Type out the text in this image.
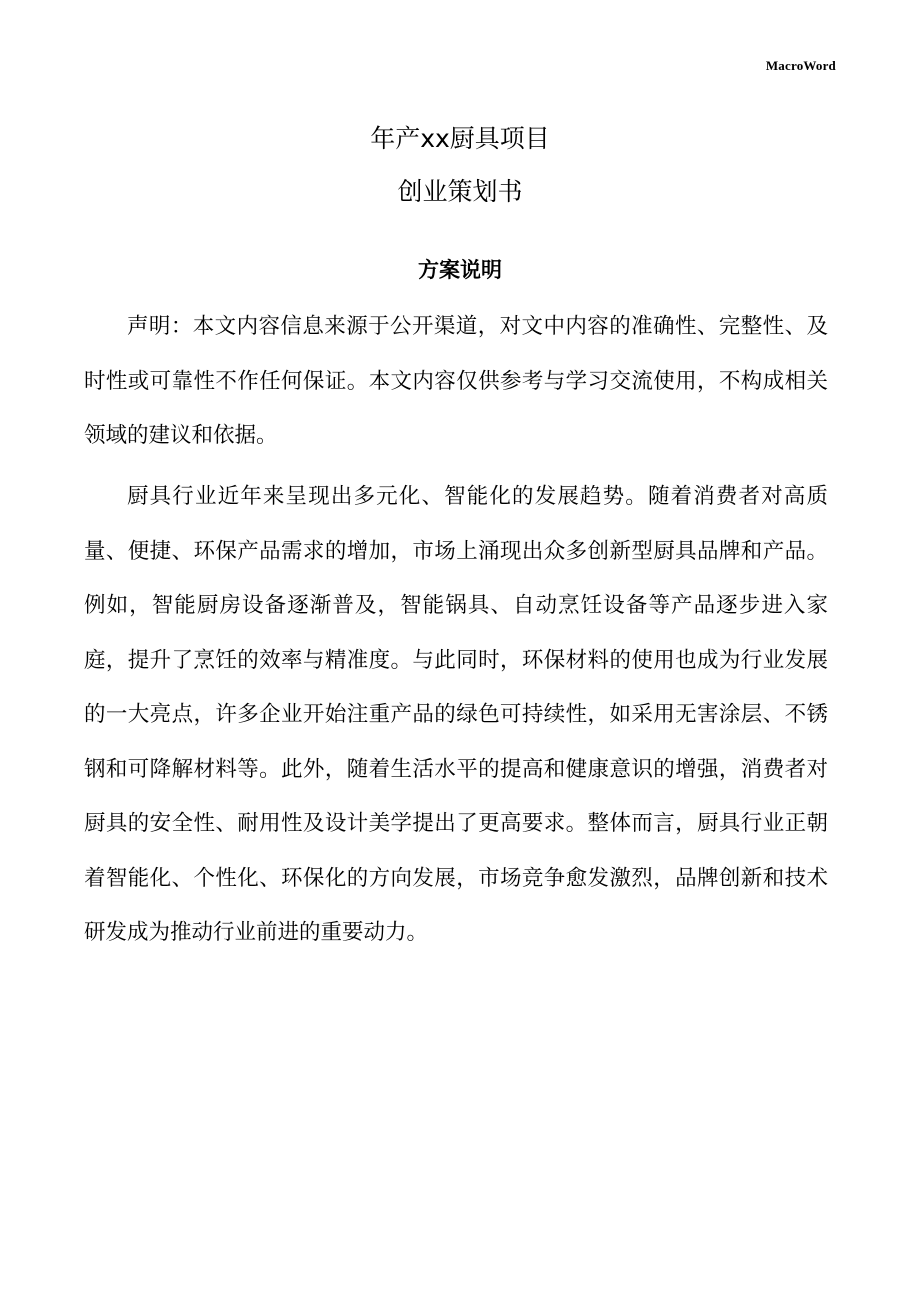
MacroWord
年产xx厨具项目
创业策划书
方案说明

声明：本文内容信息来源于公开渠道，对文中内容的准确性、完整性、及时性或可靠性不作任何保证。本文内容仅供参考与学习交流使用，不构成相关领域的建议和依据。

厨具行业近年来呈现出多元化、智能化的发展趋势。随着消费者对高质量、便捷、环保产品需求的增加，市场上涌现出众多创新型厨具品牌和产品。例如，智能厨房设备逐渐普及，智能锅具、自动烹饪设备等产品逐步进入家庭，提升了烹饪的效率与精准度。与此同时，环保材料的使用也成为行业发展的一大亮点，许多企业开始注重产品的绿色可持续性，如采用无害涂层、不锈钢和可降解材料等。此外，随着生活水平的提高和健康意识的增强，消费者对厨具的安全性、耐用性及设计美学提出了更高要求。整体而言，厨具行业正朝着智能化、个性化、环保化的方向发展，市场竞争愈发激烈，品牌创新和技术研发成为推动行业前进的重要动力。
